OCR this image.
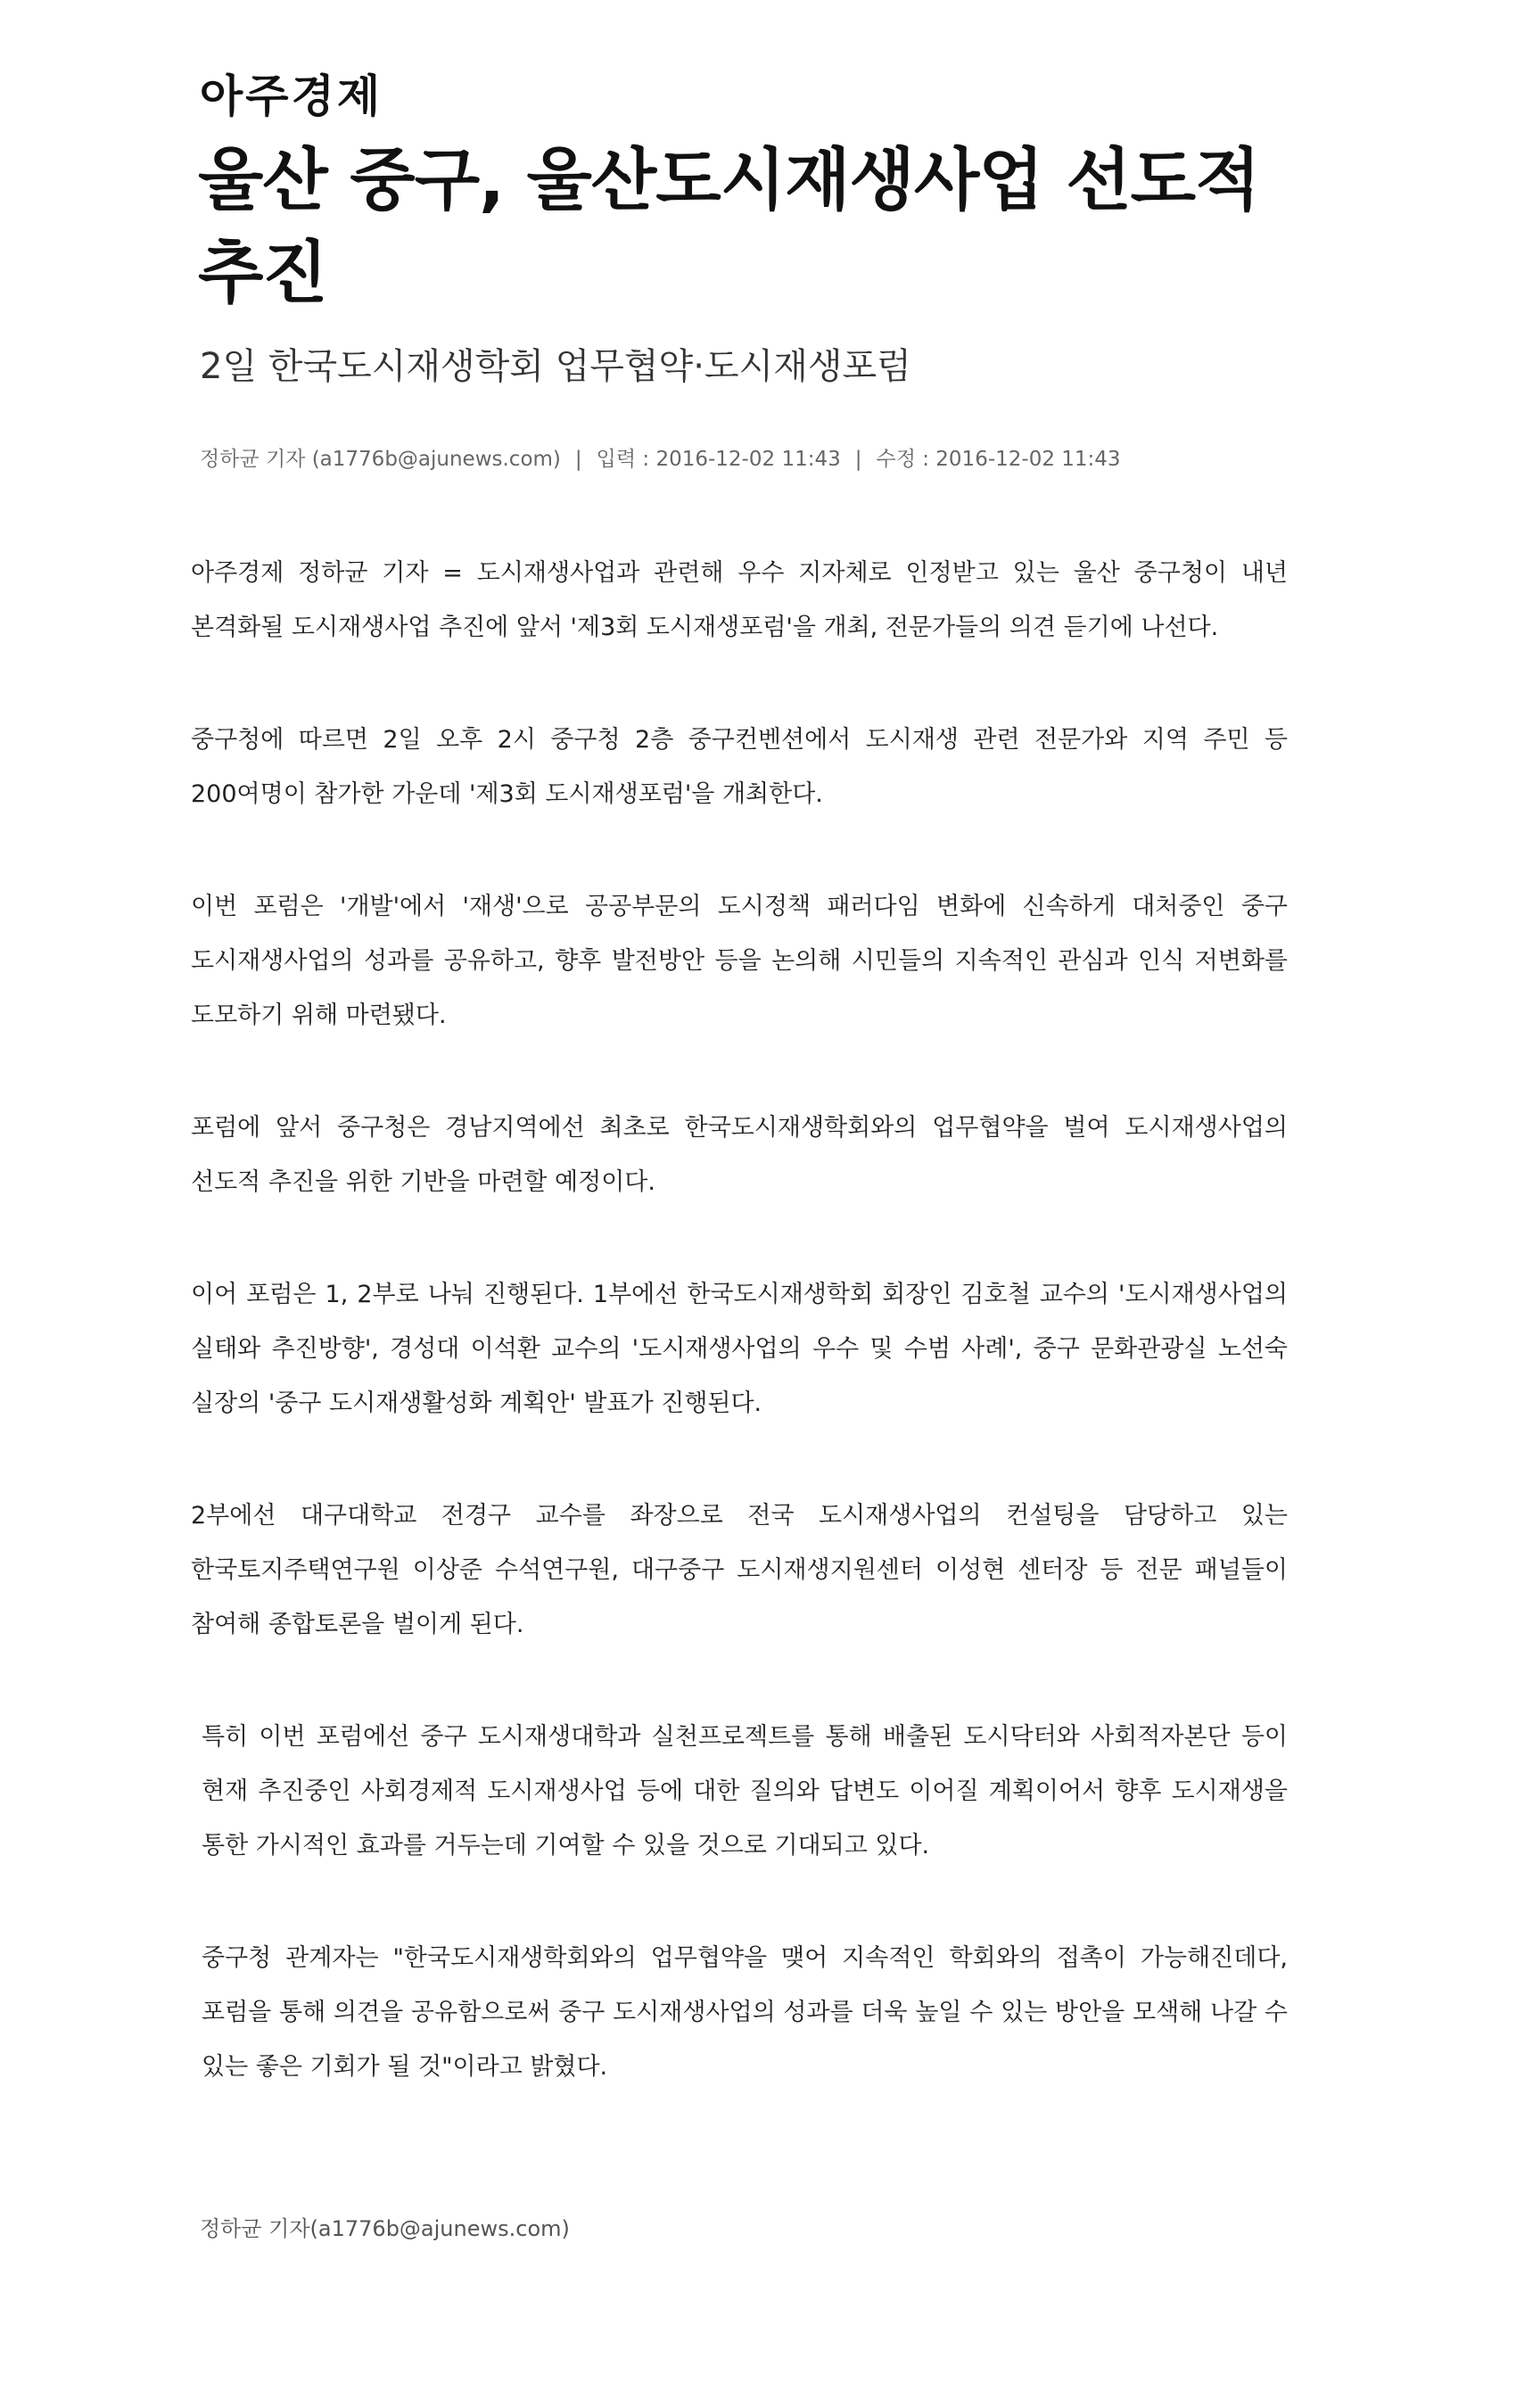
아주경제
울산 중구, 울산도시재생사업 선도적 추진
2일 한국도시재생학회 업무협약·도시재생포럼
정하균 기자 (a1776b@ajunews.com) | 입력 : 2016-12-02 11:43 | 수정 : 2016-12-02 11:43

아주경제 정하균 기자 = 도시재생사업과 관련해 우수 지자체로 인정받고 있는 울산 중구청이 내년 본격화될 도시재생사업 추진에 앞서 '제3회 도시재생포럼'을 개최, 전문가들의 의견 듣기에 나선다.

중구청에 따르면 2일 오후 2시 중구청 2층 중구컨벤션에서 도시재생 관련 전문가와 지역 주민 등 200여명이 참가한 가운데 '제3회 도시재생포럼'을 개최한다.

이번 포럼은 '개발'에서 '재생'으로 공공부문의 도시정책 패러다임 변화에 신속하게 대처중인 중구 도시재생사업의 성과를 공유하고, 향후 발전방안 등을 논의해 시민들의 지속적인 관심과 인식 저변화를 도모하기 위해 마련됐다.

포럼에 앞서 중구청은 경남지역에선 최초로 한국도시재생학회와의 업무협약을 벌여 도시재생사업의 선도적 추진을 위한 기반을 마련할 예정이다.

이어 포럼은 1, 2부로 나눠 진행된다. 1부에선 한국도시재생학회 회장인 김호철 교수의 '도시재생사업의 실태와 추진방향', 경성대 이석환 교수의 '도시재생사업의 우수 및 수범 사례', 중구 문화관광실 노선숙 실장의 '중구 도시재생활성화 계획안' 발표가 진행된다.

2부에선 대구대학교 전경구 교수를 좌장으로 전국 도시재생사업의 컨설팅을 담당하고 있는 한국토지주택연구원 이상준 수석연구원, 대구중구 도시재생지원센터 이성현 센터장 등 전문 패널들이 참여해 종합토론을 벌이게 된다.

특히 이번 포럼에선 중구 도시재생대학과 실천프로젝트를 통해 배출된 도시닥터와 사회적자본단 등이 현재 추진중인 사회경제적 도시재생사업 등에 대한 질의와 답변도 이어질 계획이어서 향후 도시재생을 통한 가시적인 효과를 거두는데 기여할 수 있을 것으로 기대되고 있다.

중구청 관계자는 "한국도시재생학회와의 업무협약을 맺어 지속적인 학회와의 접촉이 가능해진데다, 포럼을 통해 의견을 공유함으로써 중구 도시재생사업의 성과를 더욱 높일 수 있는 방안을 모색해 나갈 수 있는 좋은 기회가 될 것"이라고 밝혔다.

정하균 기자(a1776b@ajunews.com)
